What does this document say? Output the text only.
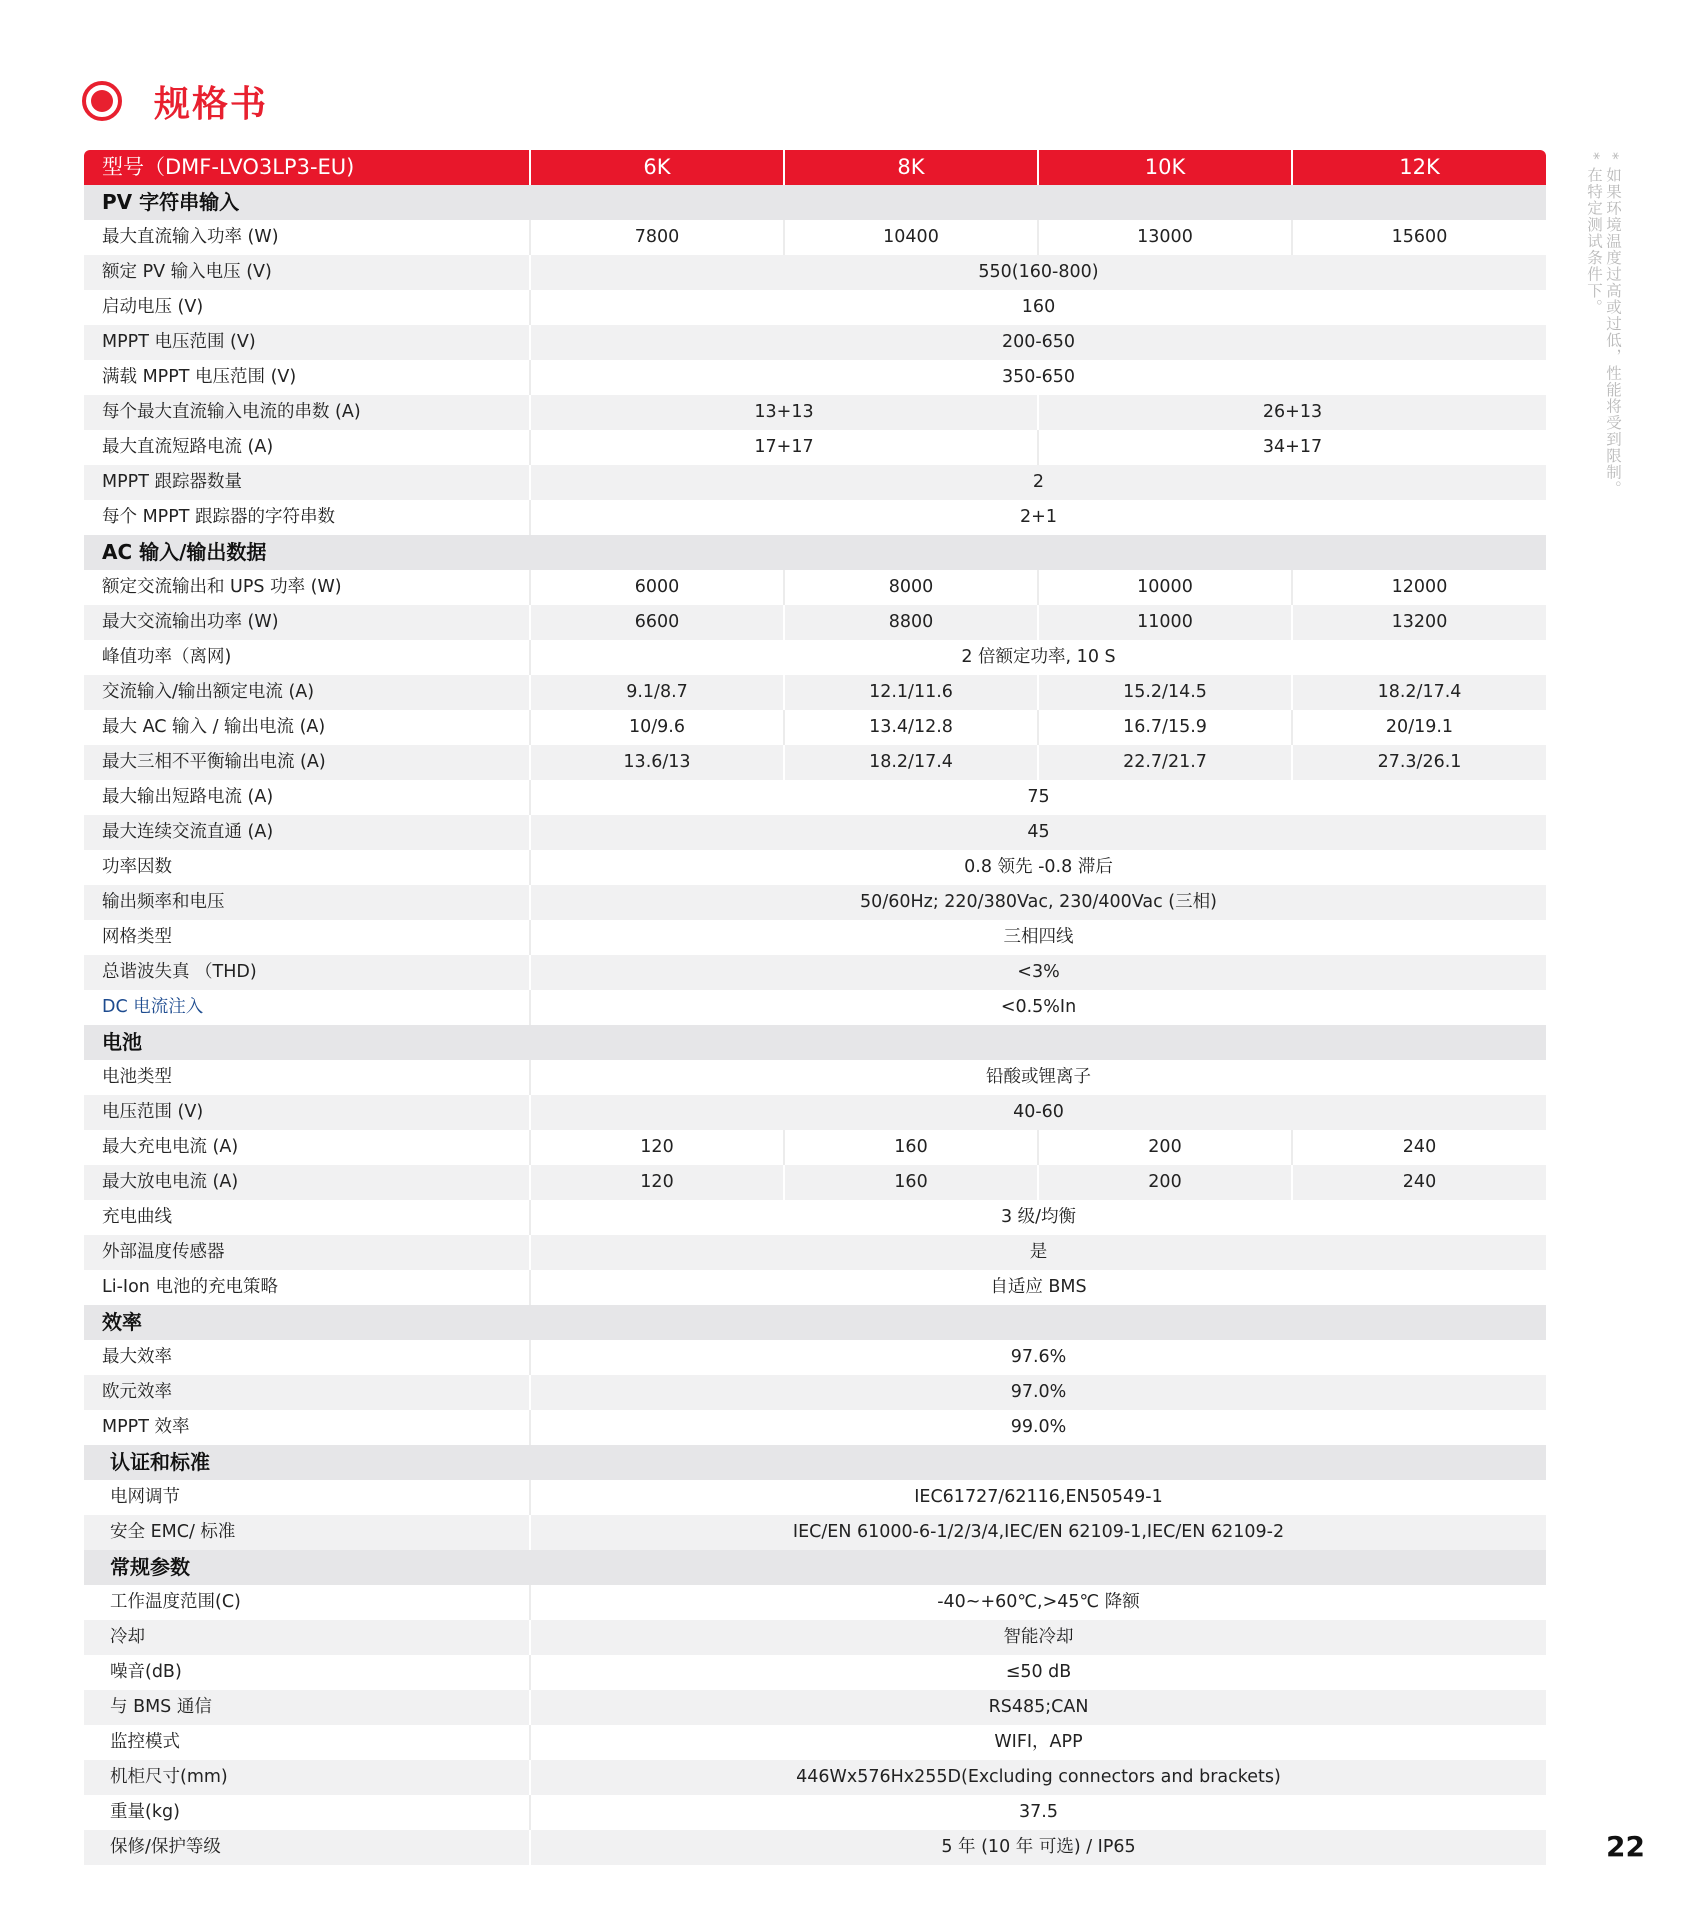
规格书
型号（DMF-LVO3LP3-EU)	6K	8K	10K	12K
PV 字符串输入				
最大直流输入功率 (W)	7800	10400	13000	15600
额定 PV 输入电压 (V)	550(160-800)			
启动电压 (V)	160			
MPPT 电压范围 (V)	200-650			
满载 MPPT 电压范围 (V)	350-650			
每个最大直流输入电流的串数 (A)	13+13		26+13	
最大直流短路电流 (A)	17+17		34+17	
MPPT 跟踪器数量	2			
每个 MPPT 跟踪器的字符串数	2+1			
AC 输入/输出数据				
额定交流输出和 UPS 功率 (W)	6000	8000	10000	12000
最大交流输出功率 (W)	6600	8800	11000	13200
峰值功率（离网)	2 倍额定功率, 10 S			
交流输入/输出额定电流 (A)	9.1/8.7	12.1/11.6	15.2/14.5	18.2/17.4
最大 AC 输入 / 输出电流 (A)	10/9.6	13.4/12.8	16.7/15.9	20/19.1
最大三相不平衡输出电流 (A)	13.6/13	18.2/17.4	22.7/21.7	27.3/26.1
最大输出短路电流 (A)	75			
最大连续交流直通 (A)	45			
功率因数	0.8 领先 -0.8 滞后			
输出频率和电压	50/60Hz; 220/380Vac, 230/400Vac (三相)			
网格类型	三相四线			
总谐波失真 （THD)	<3%			
DC 电流注入	<0.5%In			
电池				
电池类型	铅酸或锂离子			
电压范围 (V)	40-60			
最大充电电流 (A)	120	160	200	240
最大放电电流 (A)	120	160	200	240
充电曲线	3 级/均衡			
外部温度传感器	是			
Li-Ion 电池的充电策略	自适应 BMS			
效率				
最大效率	97.6%			
欧元效率	97.0%			
MPPT 效率	99.0%			
认证和标准				
电网调节	IEC61727/62116,EN50549-1			
安全 EMC/ 标准	IEC/EN 61000-6-1/2/3/4,IEC/EN 62109-1,IEC/EN 62109-2			
常规参数				
工作温度范围(C)	-40~+60℃,>45℃ 降额			
冷却	智能冷却			
噪音(dB)	≤50 dB			
与 BMS 通信	RS485;CAN			
监控模式	WIFI，APP			
机柜尺寸(mm)	446Wx576Hx255D(Excluding connectors and brackets)			
重量(kg)	37.5			
保修/保护等级	5 年 (10 年 可选) / IP65			
* 如果环境温度过高或过低，性能将受到限制。
* 在特定测试条件下。
22
